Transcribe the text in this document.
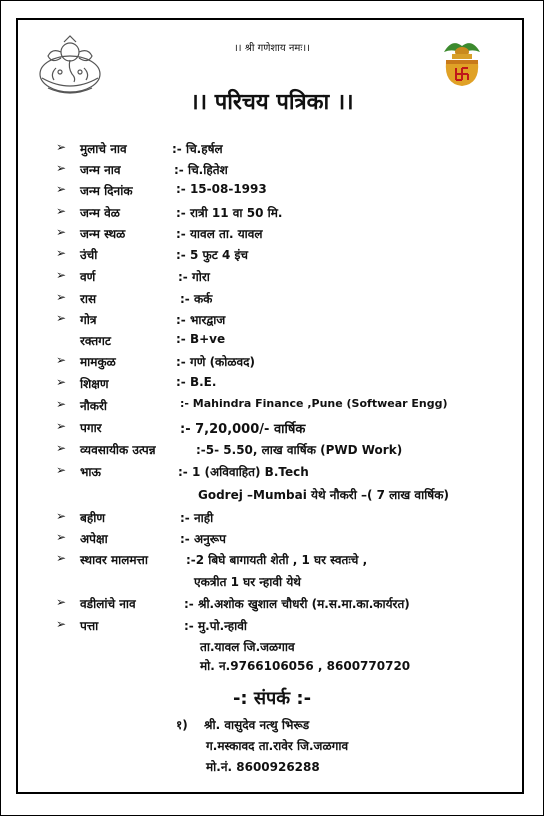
।। श्री गणेशाय नमः।।
।। परिचय पत्रिका ।।
➢ मुलाचे नाव	:- चि.हर्षल
➢ जन्म नाव	:- चि.हितेश
➢ जन्म दिनांक	:- 15-08-1993
➢ जन्म वेळ	:- रात्री 11 वा 50 मि.
➢ जन्म स्थळ	:- यावल ता. यावल
➢ उंची	:- 5 फुट 4 इंच
➢ वर्ण	:- गोरा
➢ रास	:- कर्क
➢ गोत्र	:- भारद्वाज
रक्तगट	:- B+ve
➢ मामकुळ	:- गणे (कोळवद)
➢ शिक्षण	:- B.E.
➢ नौकरी	:- Mahindra Finance ,Pune (Softwear Engg)
➢ पगार	:- 7,20,000/- वार्षिक
➢ व्यवसायीक उत्पन्न	:-5- 5.50, लाख वार्षिक (PWD Work)
➢ भाऊ	:- 1 (अविवाहित) B.Tech
Godrej –Mumbai येथे नौकरी –( 7 लाख वार्षिक)
➢ बहीण	:- नाही
➢ अपेक्षा	:- अनुरूप
➢ स्थावर मालमत्ता	:-2 बिघे बागायती शेती , 1 घर स्वतःचे ,
एकत्रीत 1 घर न्हावी येथे
➢ वडीलांचे नाव	:- श्री.अशोक खुशाल चौधरी (म.स.मा.का.कार्यरत)
➢ पत्ता	:- मु.पो.न्हावी
ता.यावल जि.जळगाव
मो. न.9766106056 , 8600770720
-: संपर्क :-
१) श्री. वासुदेव नत्थु भिरूड
ग.मस्कावद ता.रावेर जि.जळगाव
मो.नं. 8600926288
